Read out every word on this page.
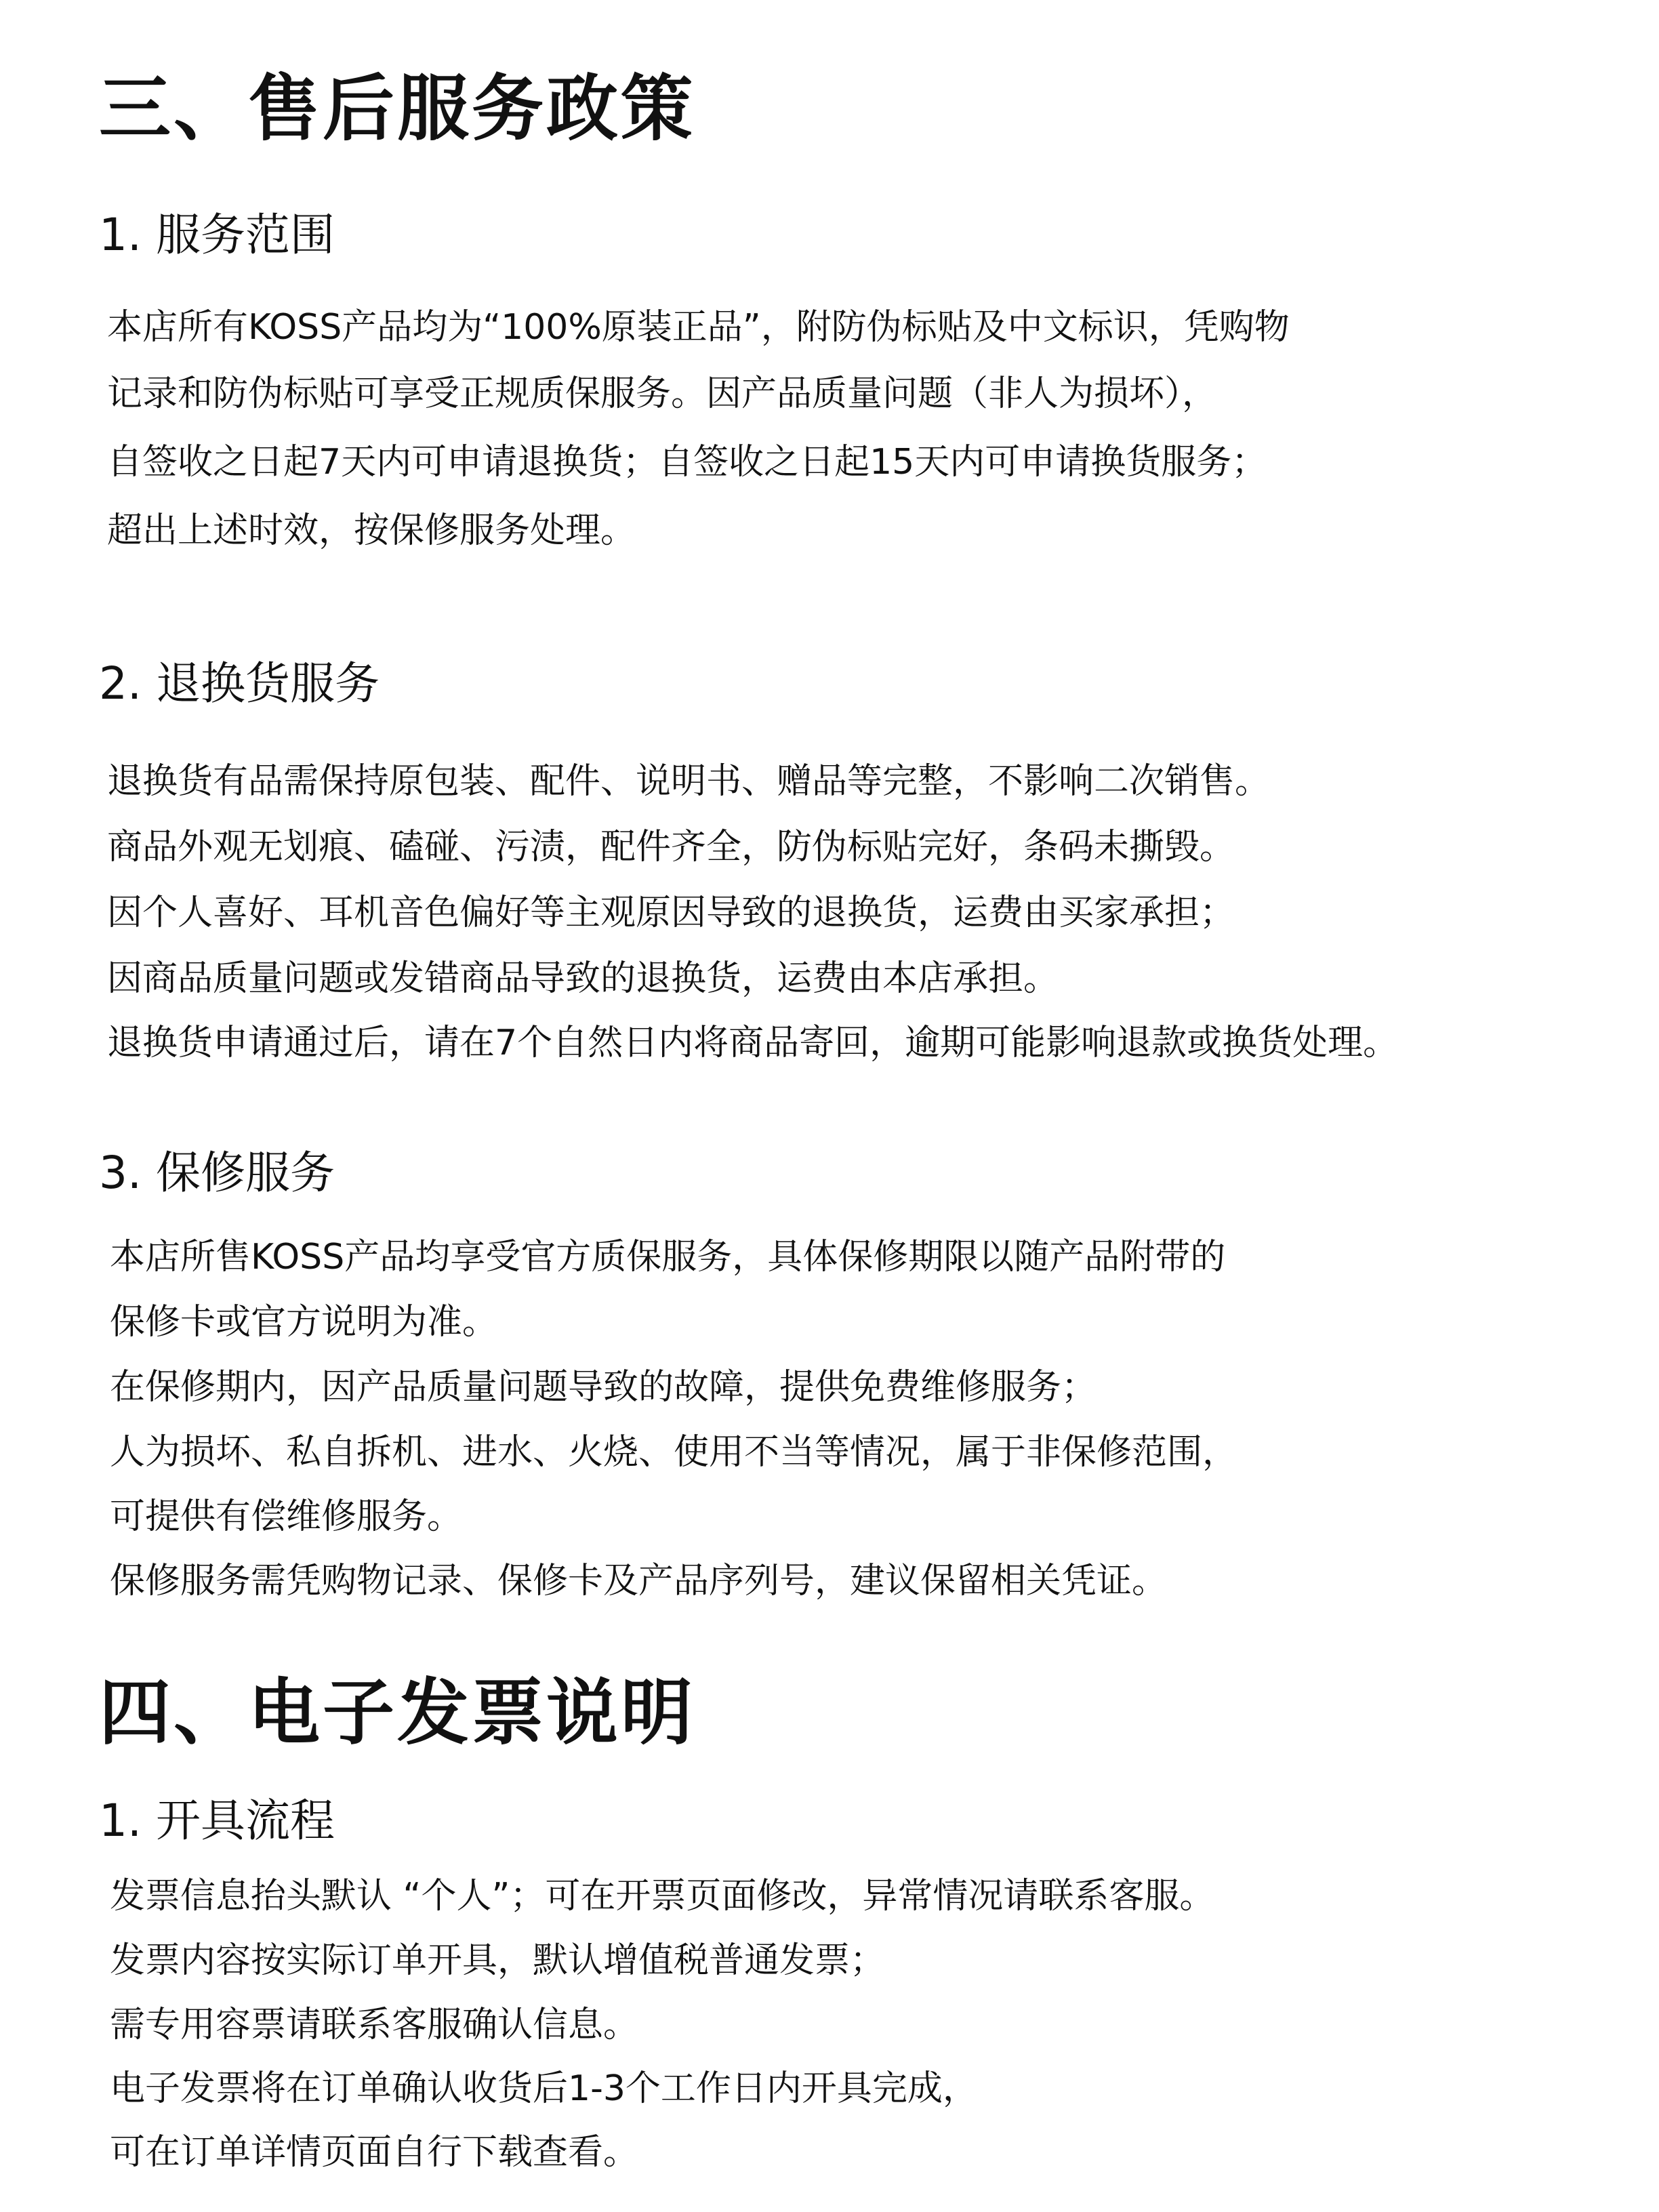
三、售后服务政策
1. 服务范围
本店所有KOSS产品均为“100%原装正品”，附防伪标贴及中文标识，凭购物
记录和防伪标贴可享受正规质保服务。因产品质量问题（非人为损坏），
自签收之日起7天内可申请退换货；自签收之日起15天内可申请换货服务；
超出上述时效，按保修服务处理。
2. 退换货服务
退换货有品需保持原包装、配件、说明书、赠品等完整，不影响二次销售。
商品外观无划痕、磕碰、污渍，配件齐全，防伪标贴完好，条码未撕毁。
因个人喜好、耳机音色偏好等主观原因导致的退换货，运费由买家承担；
因商品质量问题或发错商品导致的退换货，运费由本店承担。
退换货申请通过后，请在7个自然日内将商品寄回，逾期可能影响退款或换货处理。
3. 保修服务
本店所售KOSS产品均享受官方质保服务，具体保修期限以随产品附带的
保修卡或官方说明为准。
在保修期内，因产品质量问题导致的故障，提供免费维修服务；
人为损坏、私自拆机、进水、火烧、使用不当等情况，属于非保修范围，
可提供有偿维修服务。
保修服务需凭购物记录、保修卡及产品序列号，建议保留相关凭证。
四、电子发票说明
1. 开具流程
发票信息抬头默认 “个人”；可在开票页面修改，异常情况请联系客服。
发票内容按实际订单开具，默认增值税普通发票；
需专用容票请联系客服确认信息。
电子发票将在订单确认收货后1-3个工作日内开具完成，
可在订单详情页面自行下载查看。
